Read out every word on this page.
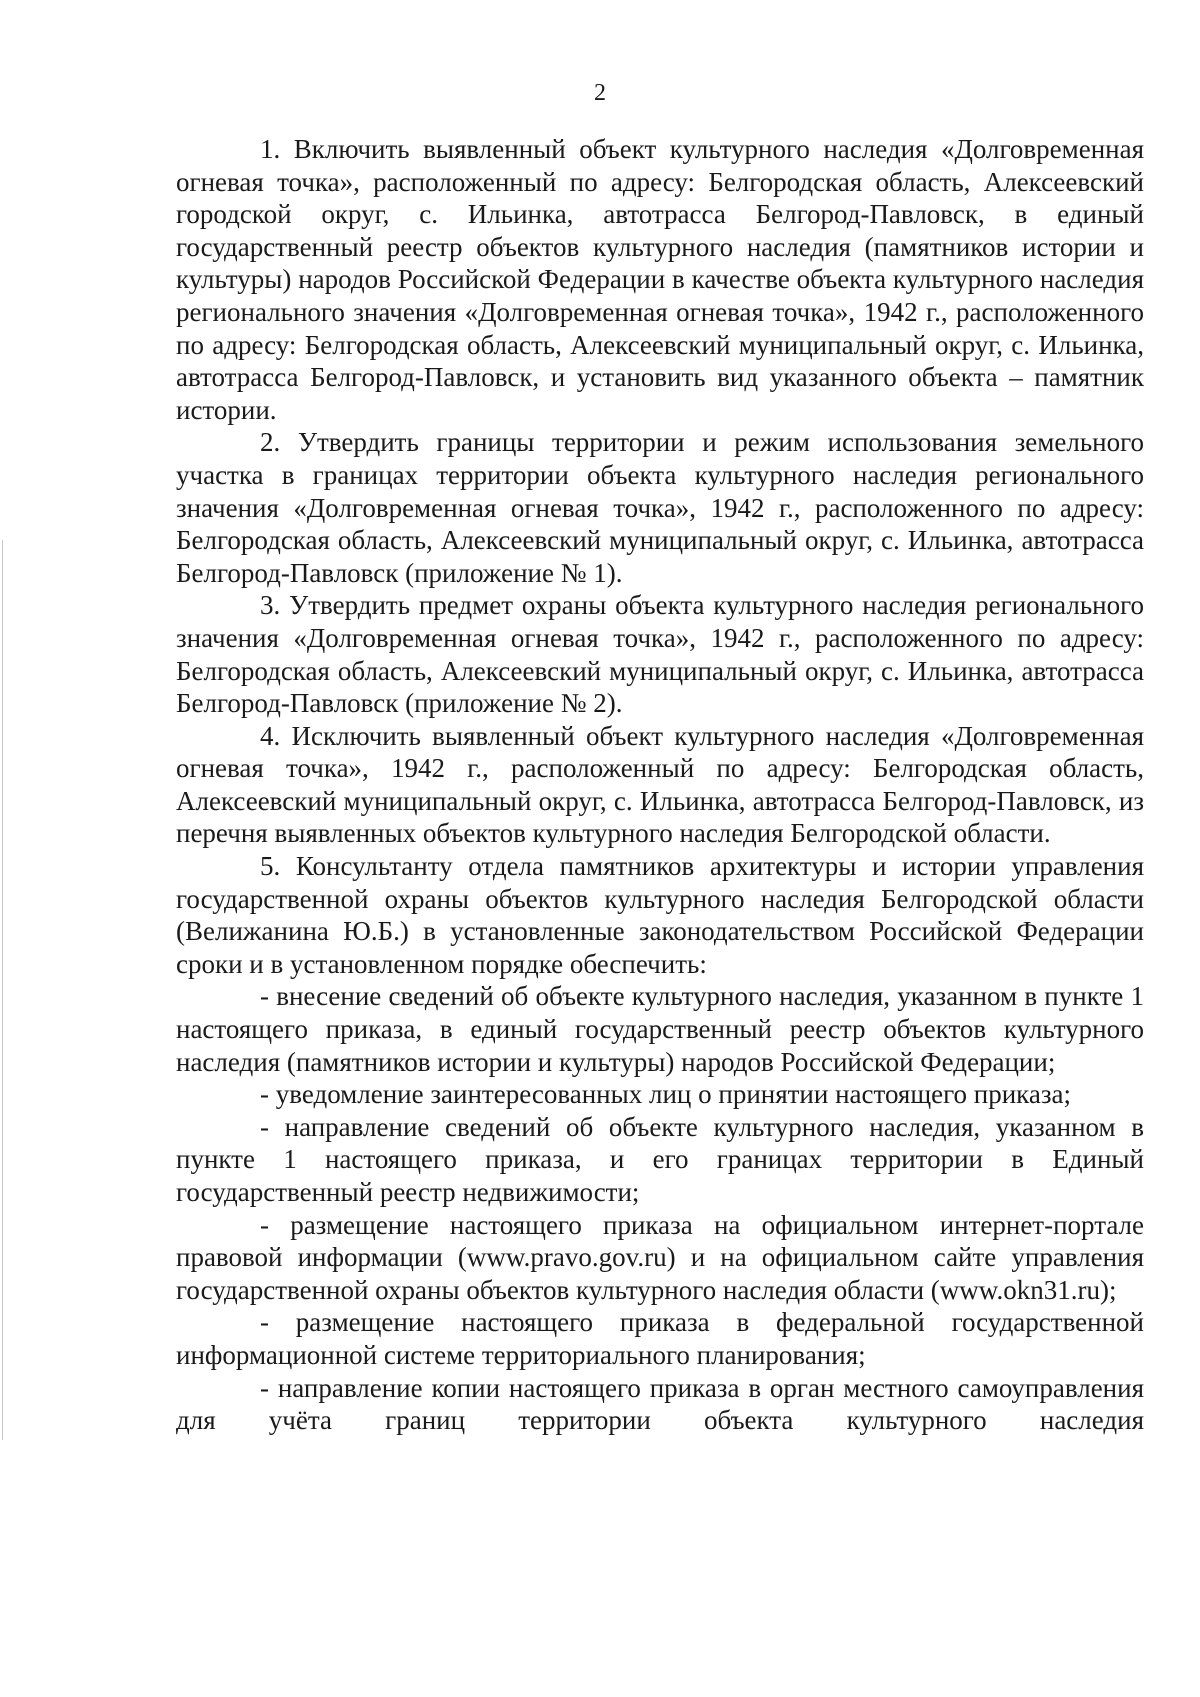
2

1. Включить выявленный объект культурного наследия «Долговременная огневая точка», расположенный по адресу: Белгородская область, Алексеевский городской округ, с. Ильинка, автотрасса Белгород-Павловск, в единый государственный реестр объектов культурного наследия (памятников истории и культуры) народов Российской Федерации в качестве объекта культурного наследия регионального значения «Долговременная огневая точка», 1942 г., расположенного по адресу: Белгородская область, Алексеевский муниципальный округ, с. Ильинка, автотрасса Белгород-Павловск, и установить вид указанного объекта – памятник истории.

2. Утвердить границы территории и режим использования земельного участка в границах территории объекта культурного наследия регионального значения «Долговременная огневая точка», 1942 г., расположенного по адресу: Белгородская область, Алексеевский муниципальный округ, с. Ильинка, автотрасса Белгород-Павловск (приложение № 1).

3. Утвердить предмет охраны объекта культурного наследия регионального значения «Долговременная огневая точка», 1942 г., расположенного по адресу: Белгородская область, Алексеевский муниципальный округ, с. Ильинка, автотрасса Белгород-Павловск (приложение № 2).

4. Исключить выявленный объект культурного наследия «Долговременная огневая точка», 1942 г., расположенный по адресу: Белгородская область, Алексеевский муниципальный округ, с. Ильинка, автотрасса Белгород-Павловск, из перечня выявленных объектов культурного наследия Белгородской области.

5. Консультанту отдела памятников архитектуры и истории управления государственной охраны объектов культурного наследия Белгородской области (Велижанина Ю.Б.) в установленные законодательством Российской Федерации сроки и в установленном порядке обеспечить:

- внесение сведений об объекте культурного наследия, указанном в пункте 1 настоящего приказа, в единый государственный реестр объектов культурного наследия (памятников истории и культуры) народов Российской Федерации;

- уведомление заинтересованных лиц о принятии настоящего приказа;

- направление сведений об объекте культурного наследия, указанном в пункте 1 настоящего приказа, и его границах территории в Единый государственный реестр недвижимости;

- размещение настоящего приказа на официальном интернет-портале правовой информации (www.pravo.gov.ru) и на официальном сайте управления государственной охраны объектов культурного наследия области (www.okn31.ru);

- размещение настоящего приказа в федеральной государственной информационной системе территориального планирования;

- направление копии настоящего приказа в орган местного самоуправления для учёта границ территории объекта культурного наследия
